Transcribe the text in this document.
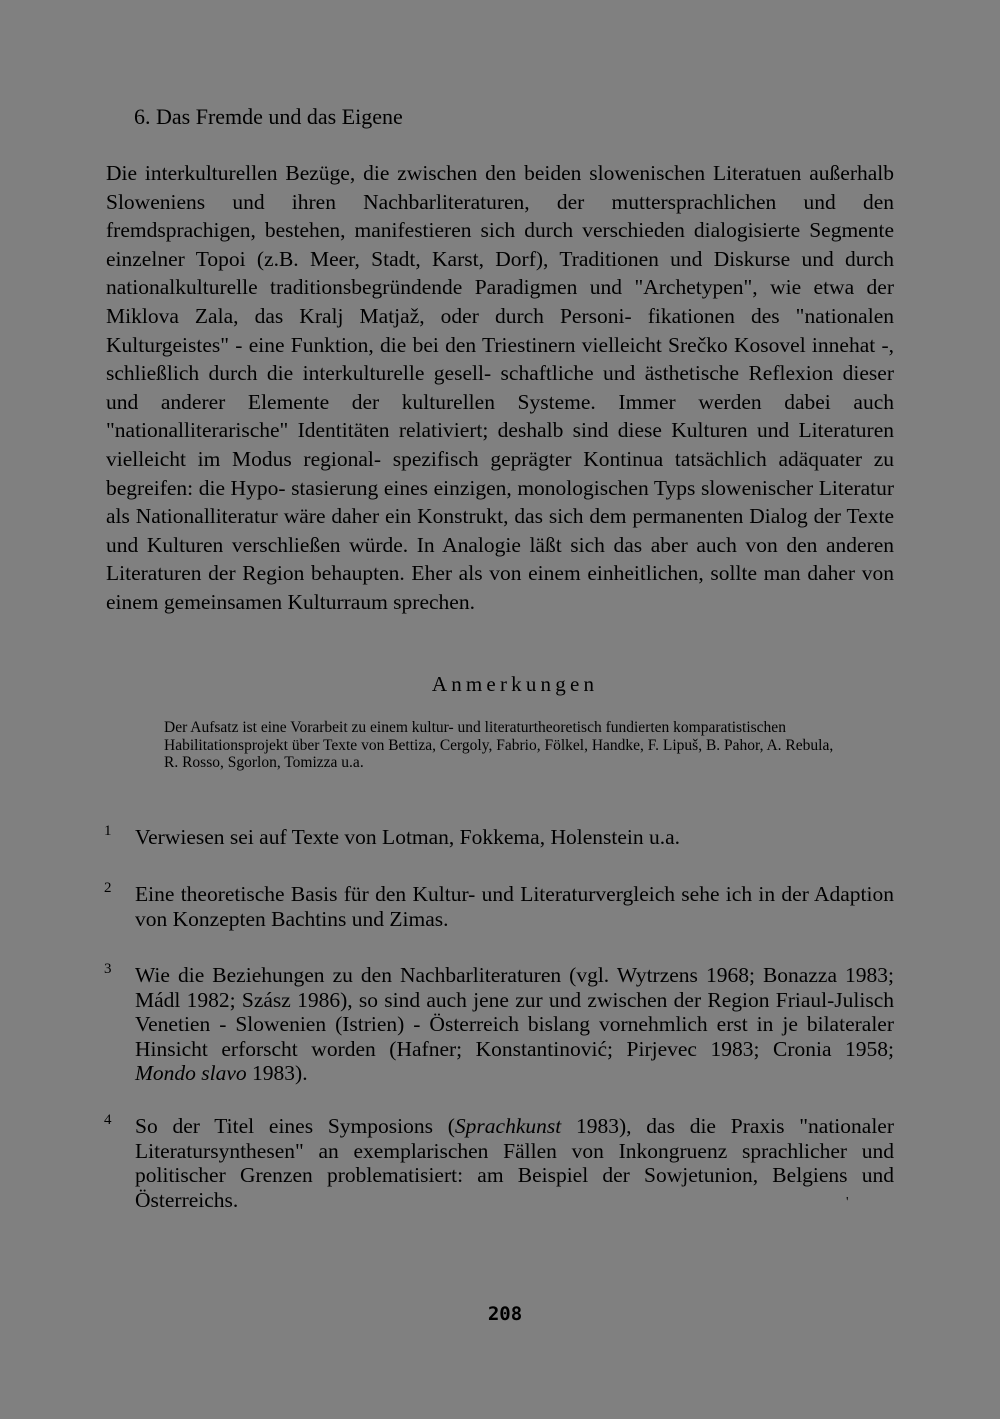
6. Das Fremde und das Eigene

Die interkulturellen Bezüge, die zwischen den beiden slowenischen Literatuen außerhalb Sloweniens und ihren Nachbarliteraturen, der muttersprachlichen und den fremdsprachigen, bestehen, manifestieren sich durch verschieden dialogisierte Segmente einzelner Topoi (z.B. Meer, Stadt, Karst, Dorf), Traditionen und Diskurse und durch nationalkulturelle traditionsbegründende Paradigmen und "Archetypen", wie etwa der Miklova Zala, das Kralj Matjaž, oder durch Personi- fikationen des "nationalen Kulturgeistes" - eine Funktion, die bei den Triestinern vielleicht Srečko Kosovel innehat -, schließlich durch die interkulturelle gesell- schaftliche und ästhetische Reflexion dieser und anderer Elemente der kulturellen Systeme. Immer werden dabei auch "nationalliterarische" Identitäten relativiert; deshalb sind diese Kulturen und Literaturen vielleicht im Modus regional- spezifisch geprägter Kontinua tatsächlich adäquater zu begreifen: die Hypo- stasierung eines einzigen, monologischen Typs slowenischer Literatur als Nationalliteratur wäre daher ein Konstrukt, das sich dem permanenten Dialog der Texte und Kulturen verschließen würde. In Analogie läßt sich das aber auch von den anderen Literaturen der Region behaupten. Eher als von einem einheitlichen, sollte man daher von einem gemeinsamen Kulturraum sprechen.

Anmerkungen

Der Aufsatz ist eine Vorarbeit zu einem kultur- und literaturtheoretisch fundierten komparatistischen Habilitationsprojekt über Texte von Bettiza, Cergoly, Fabrio, Fölkel, Handke, F. Lipuš, B. Pahor, A. Rebula, R. Rosso, Sgorlon, Tomizza u.a.

1 Verwiesen sei auf Texte von Lotman, Fokkema, Holenstein u.a.

2 Eine theoretische Basis für den Kultur- und Literaturvergleich sehe ich in der Adaption von Konzepten Bachtins und Zimas.

3 Wie die Beziehungen zu den Nachbarliteraturen (vgl. Wytrzens 1968; Bonazza 1983; Mádl 1982; Szász 1986), so sind auch jene zur und zwischen der Region Friaul-Julisch Venetien - Slowenien (Istrien) - Österreich bislang vornehmlich erst in je bilateraler Hinsicht erforscht worden (Hafner; Konstantinović; Pirjevec 1983; Cronia 1958; Mondo slavo 1983).

4 So der Titel eines Symposions (Sprachkunst 1983), das die Praxis "nationaler Literatursynthesen" an exemplarischen Fällen von Inkongruenz sprachlicher und politischer Grenzen problematisiert: am Beispiel der Sowjetunion, Belgiens und Österreichs.	'

208
